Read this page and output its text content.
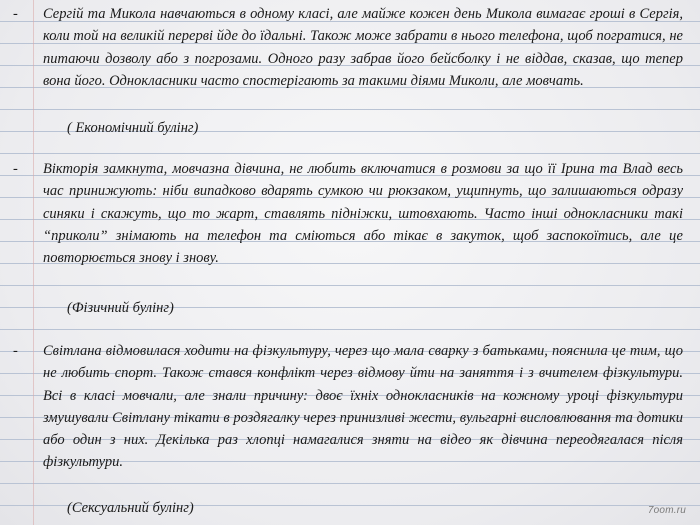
- Сергій та Микола навчаються в одному класі, але майже кожен день Микола вимагає гроші в Сергія, коли той на великій перерві йде до їдальні. Також може забрати в нього телефона, щоб погратися, не питаючи дозволу або з погрозами. Одного разу забрав його бейсболку і не віддав, сказав, що тепер вона його. Однокласники часто спостерігають за такими діями Миколи, але мовчать.

( Економічний булінг)

- Вікторія замкнута, мовчазна дівчина, не любить включатися в розмови за що її Ірина та Влад весь час принижують: ніби випадково вдарять сумкою чи рюкзаком, ущипнуть, що залишаються одразу синяки і скажуть, що то жарт, ставлять підніжки, штовхають. Часто інші однокласники такі “приколи” знімають на телефон та сміються або тікає в закуток, щоб заспокоїтись, але це повторюється знову і знову.

(Фізичний булінг)

- Світлана відмовилася ходити на фізкультуру, через що мала сварку з батьками, пояснила це тим, що не любить спорт. Також стався конфлікт через відмову йти на заняття і з вчителем фізкультури. Всі в класі мовчали, але знали причину: двоє їхніх однокласників на кожному уроці фізкультури змушували Світлану тікати в роздягалку через принизливі жести, вульгарні висловлювання та дотики або один з них. Декілька раз хлопці намагалися зняти на відео як дівчина переодягалася після фізкультури.

(Сексуальний булінг)	7oom.ru
